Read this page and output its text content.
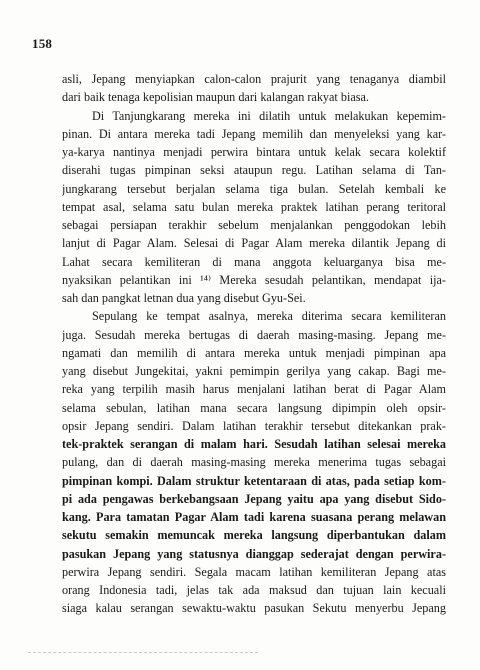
158
asli, Jepang menyiapkan calon-calon prajurit yang tenaganya diambil
dari baik tenaga kepolisian maupun dari kalangan rakyat biasa.
Di Tanjungkarang mereka ini dilatih untuk melakukan kepemim-
pinan. Di antara mereka tadi Jepang memilih dan menyeleksi yang kar-
ya-karya nantinya menjadi perwira bintara untuk kelak secara kolektif
diserahi tugas pimpinan seksi ataupun regu. Latihan selama di Tan-
jungkarang tersebut berjalan selama tiga bulan. Setelah kembali ke
tempat asal, selama satu bulan mereka praktek latihan perang teritoral
sebagai persiapan terakhir sebelum menjalankan penggodokan lebih
lanjut di Pagar Alam. Selesai di Pagar Alam mereka dilantik Jepang di
Lahat secara kemiliteran di mana anggota keluarganya bisa me-
nyaksikan pelantikan ini ¹⁴⁾ Mereka sesudah pelantikan, mendapat ija-
sah dan pangkat letnan dua yang disebut Gyu-Sei.
Sepulang ke tempat asalnya, mereka diterima secara kemiliteran
juga. Sesudah mereka bertugas di daerah masing-masing. Jepang me-
ngamati dan memilih di antara mereka untuk menjadi pimpinan apa
yang disebut Jungekitai, yakni pemimpin gerilya yang cakap. Bagi me-
reka yang terpilih masih harus menjalani latihan berat di Pagar Alam
selama sebulan, latihan mana secara langsung dipimpin oleh opsir-
opsir Jepang sendiri. Dalam latihan terakhir tersebut ditekankan prak-
tek-praktek serangan di malam hari. Sesudah latihan selesai mereka
pulang, dan di daerah masing-masing mereka menerima tugas sebagai
pimpinan kompi. Dalam struktur ketentaraan di atas, pada setiap kom-
pi ada pengawas berkebangsaan Jepang yaitu apa yang disebut Sido-
kang. Para tamatan Pagar Alam tadi karena suasana perang melawan
sekutu semakin memuncak mereka langsung diperbantukan dalam
pasukan Jepang yang statusnya dianggap sederajat dengan perwira-
perwira Jepang sendiri. Segala macam latihan kemiliteran Jepang atas
orang Indonesia tadi, jelas tak ada maksud dan tujuan lain kecuali
siaga kalau serangan sewaktu-waktu pasukan Sekutu menyerbu Jepang
